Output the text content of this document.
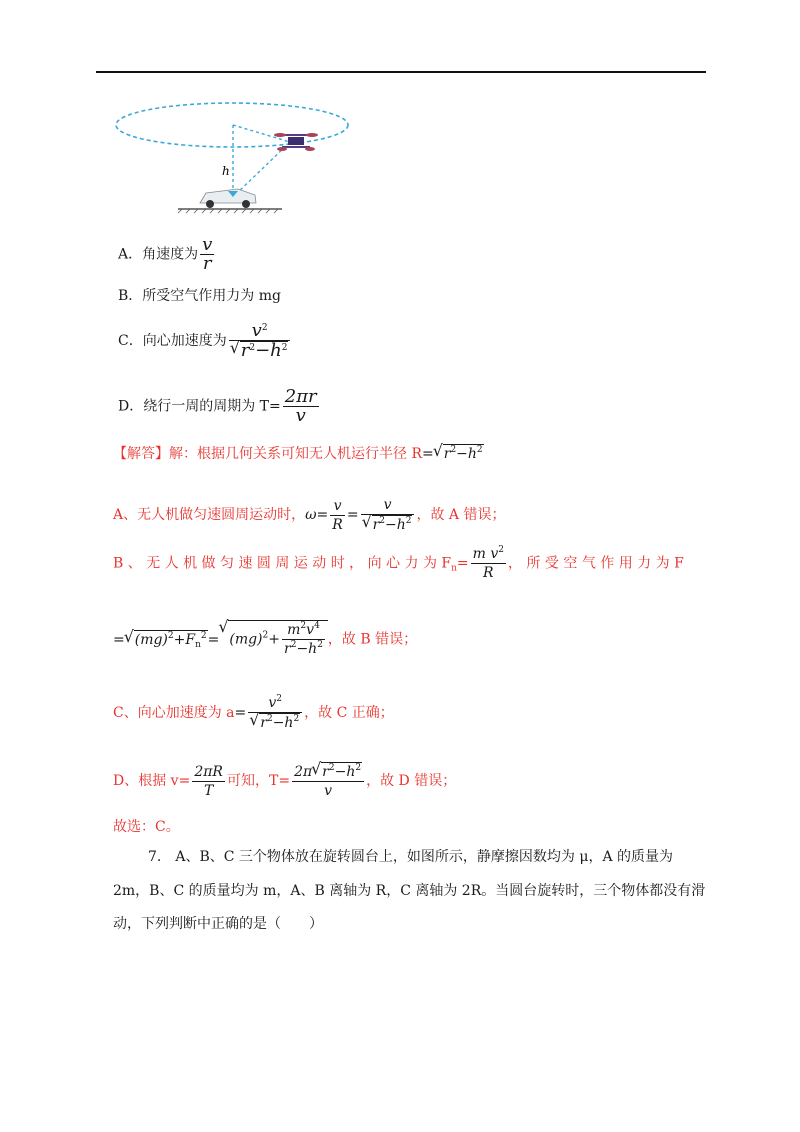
h
A．角速度为 $\frac{v}{r}$
B．所受空气作用力为 mg
C．向心加速度为 $v^2$
√ $r^2-h^2$
D．绕行一周的周期为 $T= \frac{2\pi r}{v}$
【解答】解：根据几何关系可知无人机运行半径 R=√ $r^2-h^2$
A、无人机做匀速圆周运动时，$\omega= \frac{v}{R} = v$
√ $r^2-h^2$ ，故 A 错误；
B 、 无 人 机 做 匀 速 圆 周 运 动 时 ， 向 心 力 为 $F_n= \frac{m v^2}{R}$ ， 所 受 空 气 作 用 力 为 F
=√ $(mg)^2+F_n^2=√$ $(mg)^2+ \frac{m^2v^4}{r^2-h^2}$ ，故 B 错误；
C、向心加速度为 $a= v^2$
√ $r^2-h^2$ ，故 C 正确；
D、根据 $v= \frac{2\pi R}{T}$ 可知，$T= \frac{2\pi√ r^2-h^2}{v}$ ，故 D 错误；
故选：C。
7.　A、B、C 三个物体放在旋转圆台上，如图所示，静摩擦因数均为 μ，A 的质量为
2m，B、C 的质量均为 m，A、B 离轴为 R，C 离轴为 2R。当圆台旋转时，三个物体都没有滑
动，下列判断中正确的是（　　）
